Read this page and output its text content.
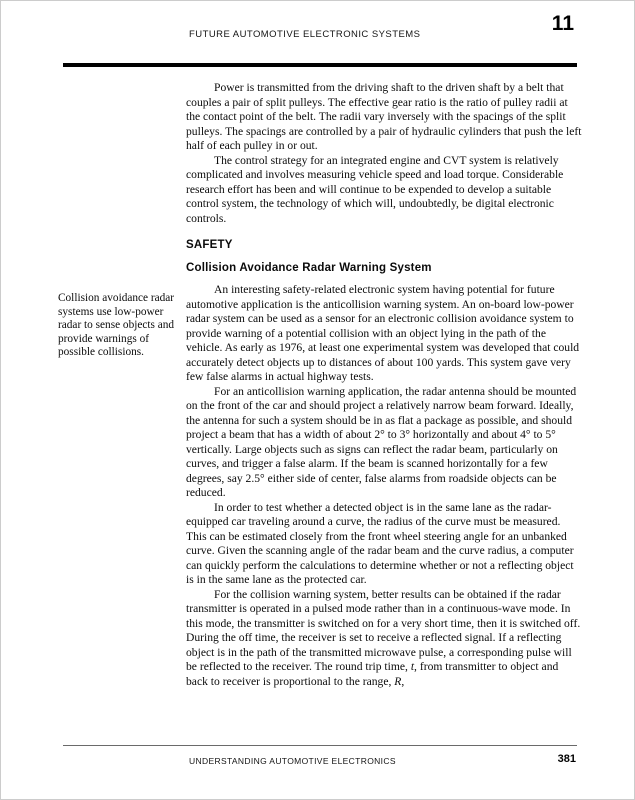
FUTURE AUTOMOTIVE ELECTRONIC SYSTEMS	11
Collision avoidance radar systems use low-power radar to sense objects and provide warnings of possible collisions.

Power is transmitted from the driving shaft to the driven shaft by a belt that couples a pair of split pulleys. The effective gear ratio is the ratio of pulley radii at the contact point of the belt. The radii vary inversely with the spacings of the split pulleys. The spacings are controlled by a pair of hydraulic cylinders that push the left half of each pulley in or out.

The control strategy for an integrated engine and CVT system is relatively complicated and involves measuring vehicle speed and load torque. Considerable research effort has been and will continue to be expended to develop a suitable control system, the technology of which will, undoubtedly, be digital electronic controls.

SAFETY
Collision Avoidance Radar Warning System

An interesting safety-related electronic system having potential for future automotive application is the anticollision warning system. An on-board low-power radar system can be used as a sensor for an electronic collision avoidance system to provide warning of a potential collision with an object lying in the path of the vehicle. As early as 1976, at least one experimental system was developed that could accurately detect objects up to distances of about 100 yards. This system gave very few false alarms in actual highway tests.

For an anticollision warning application, the radar antenna should be mounted on the front of the car and should project a relatively narrow beam forward. Ideally, the antenna for such a system should be in as flat a package as possible, and should project a beam that has a width of about 2° to 3° horizontally and about 4° to 5° vertically. Large objects such as signs can reflect the radar beam, particularly on curves, and trigger a false alarm. If the beam is scanned horizontally for a few degrees, say 2.5° either side of center, false alarms from roadside objects can be reduced.

In order to test whether a detected object is in the same lane as the radar-equipped car traveling around a curve, the radius of the curve must be measured. This can be estimated closely from the front wheel steering angle for an unbanked curve. Given the scanning angle of the radar beam and the curve radius, a computer can quickly perform the calculations to determine whether or not a reflecting object is in the same lane as the protected car.

For the collision warning system, better results can be obtained if the radar transmitter is operated in a pulsed mode rather than in a continuous-wave mode. In this mode, the transmitter is switched on for a very short time, then it is switched off. During the off time, the receiver is set to receive a reflected signal. If a reflecting object is in the path of the transmitted microwave pulse, a corresponding pulse will be reflected to the receiver. The round trip time, t, from transmitter to object and back to receiver is proportional to the range, R,

UNDERSTANDING AUTOMOTIVE ELECTRONICS	381
